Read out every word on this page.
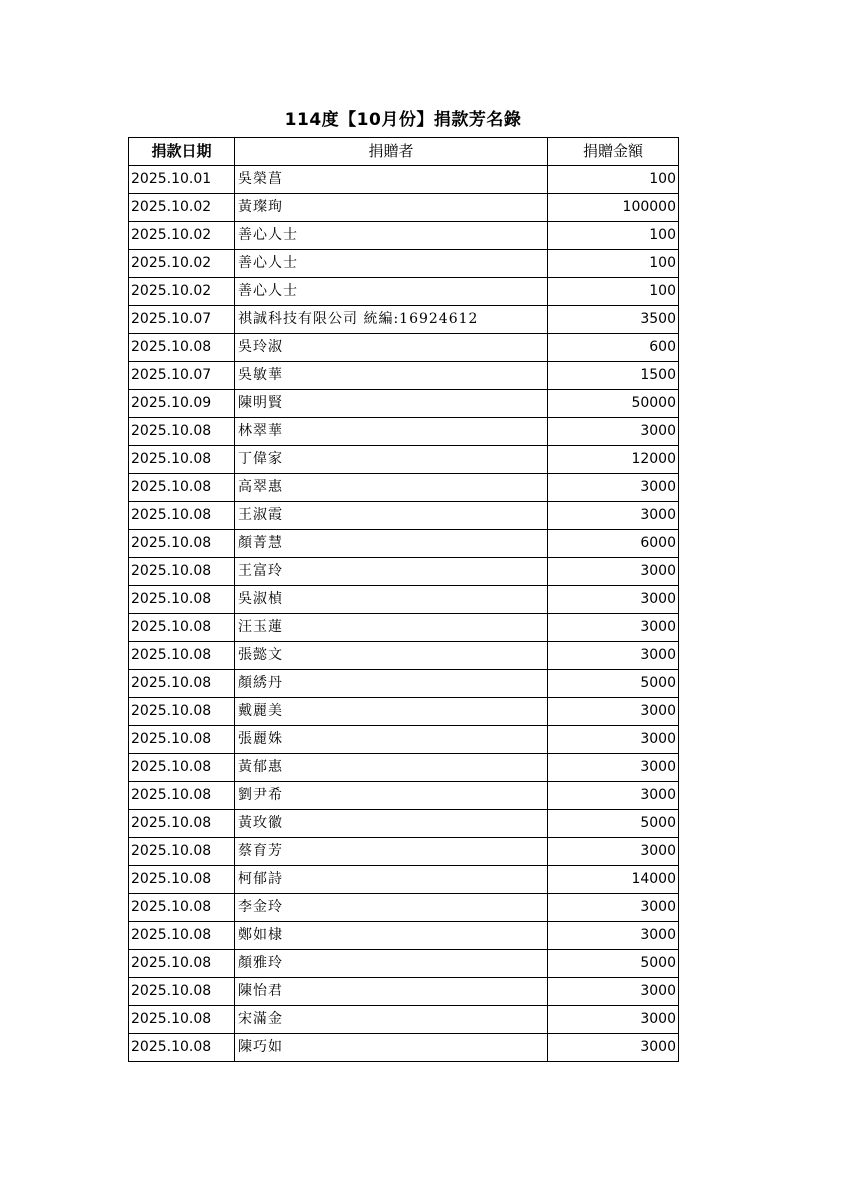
114度【10月份】捐款芳名錄
捐款日期	捐贈者	捐贈金額
2025.10.01	吳榮菖	100
2025.10.02	黃璨珣	100000
2025.10.02	善心人士	100
2025.10.02	善心人士	100
2025.10.02	善心人士	100
2025.10.07	祺誠科技有限公司 統編:16924612	3500
2025.10.08	吳玲淑	600
2025.10.07	吳敏華	1500
2025.10.09	陳明賢	50000
2025.10.08	林翠華	3000
2025.10.08	丁偉家	12000
2025.10.08	高翠惠	3000
2025.10.08	王淑霞	3000
2025.10.08	顏菁慧	6000
2025.10.08	王富玲	3000
2025.10.08	吳淑楨	3000
2025.10.08	汪玉蓮	3000
2025.10.08	張懿文	3000
2025.10.08	顏綉丹	5000
2025.10.08	戴麗美	3000
2025.10.08	張麗姝	3000
2025.10.08	黃郁惠	3000
2025.10.08	劉尹希	3000
2025.10.08	黃玫徽	5000
2025.10.08	蔡育芳	3000
2025.10.08	柯郁詩	14000
2025.10.08	李金玲	3000
2025.10.08	鄭如棣	3000
2025.10.08	顏雅玲	5000
2025.10.08	陳怡君	3000
2025.10.08	宋滿金	3000
2025.10.08	陳巧如	3000
